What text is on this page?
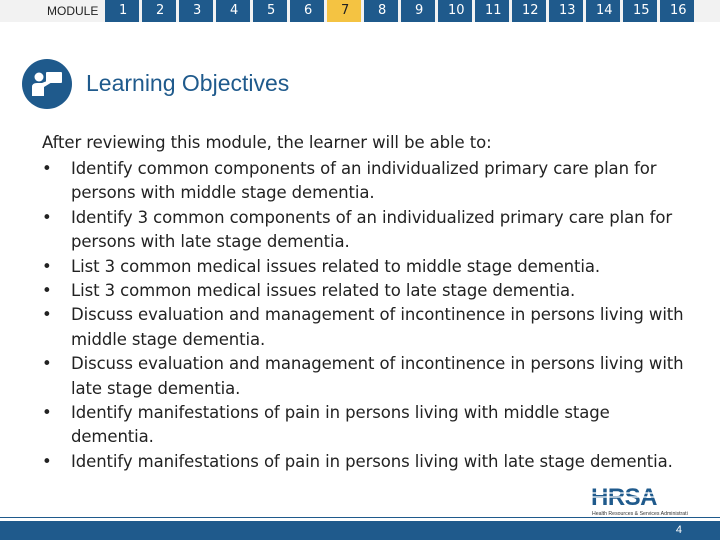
MODULE	1	2	3	4	5	6	7	8	9	10	11	12	13	14	15	16
Learning Objectives
After reviewing this module, the learner will be able to:
• Identify common components of an individualized primary care plan for persons with middle stage dementia.
• Identify 3 common components of an individualized primary care plan for persons with late stage dementia.
• List 3 common medical issues related to middle stage dementia.
• List 3 common medical issues related to late stage dementia.
• Discuss evaluation and management of incontinence in persons living with middle stage dementia.
• Discuss evaluation and management of incontinence in persons living with late stage dementia.
• Identify manifestations of pain in persons living with middle stage dementia.
• Identify manifestations of pain in persons living with late stage dementia.
HRSA
Health Resources & Services Administration
4
